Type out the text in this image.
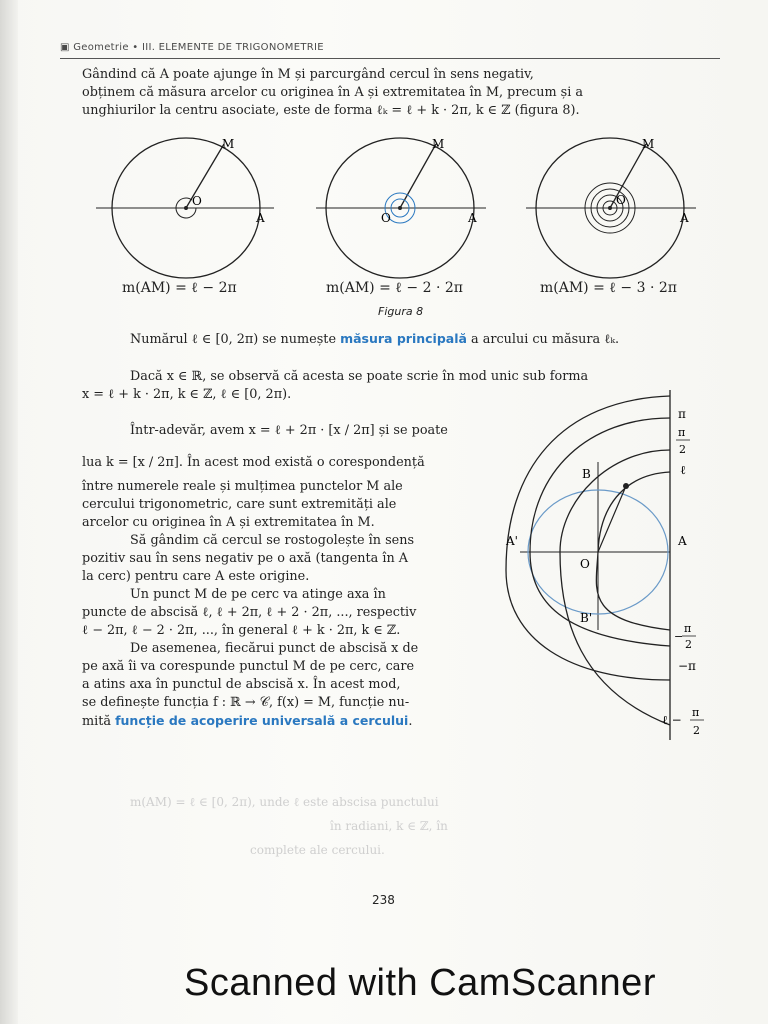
▣ Geometrie • III. ELEMENTE DE TRIGONOMETRIE
Gândind că A poate ajunge în M și parcurgând cercul în sens negativ,
obținem că măsura arcelor cu originea în A și extremitatea în M, precum și a
unghiurilor la centru asociate, este de forma ℓₖ = ℓ + k · 2π, k ∈ ℤ (figura 8).
M
O
A
M
O	A
M
O
A
m(AM) = ℓ − 2π	m(AM) = ℓ − 2 · 2π	m(AM) = ℓ − 3 · 2π
Figura 8
Numărul ℓ ∈ [0, 2π) se numește măsura principală a arcului cu măsura ℓₖ.
Dacă x ∈ ℝ, se observă că acesta se poate scrie în mod unic sub forma
x = ℓ + k · 2π, k ∈ ℤ, ℓ ∈ [0, 2π).
Într-adevăr, avem x = ℓ + 2π · [x / 2π] și se poate
lua k = [x / 2π]. În acest mod există o corespondență
între numerele reale și mulțimea punctelor M ale
cercului trigonometric, care sunt extremități ale
arcelor cu originea în A și extremitatea în M.
Să gândim că cercul se rostogolește în sens
pozitiv sau în sens negativ pe o axă (tangenta în A
la cerc) pentru care A este origine.
Un punct M de pe cerc va atinge axa în
puncte de abscisă ℓ, ℓ + 2π, ℓ + 2 · 2π, ..., respectiv
ℓ − 2π, ℓ − 2 · 2π, ..., în general ℓ + k · 2π, k ∈ ℤ.
De asemenea, fiecărui punct de abscisă x de
pe axă îi va corespunde punctul M de pe cerc, care
a atins axa în punctul de abscisă x. În acest mod,
se definește funcția f : ℝ → 𝒞, f(x) = M, funcție nu-
mită funcție de acoperire universală a cercului.
B
A'
O
A
B'
π
π
2
ℓ
−
π
2
−π
ℓ −
π
2
m(AM) = ℓ ∈ [0, 2π), unde ℓ este abscisa punctului
în radiani, k ∈ ℤ, în
complete ale cercului.
238
Scanned with CamScanner
